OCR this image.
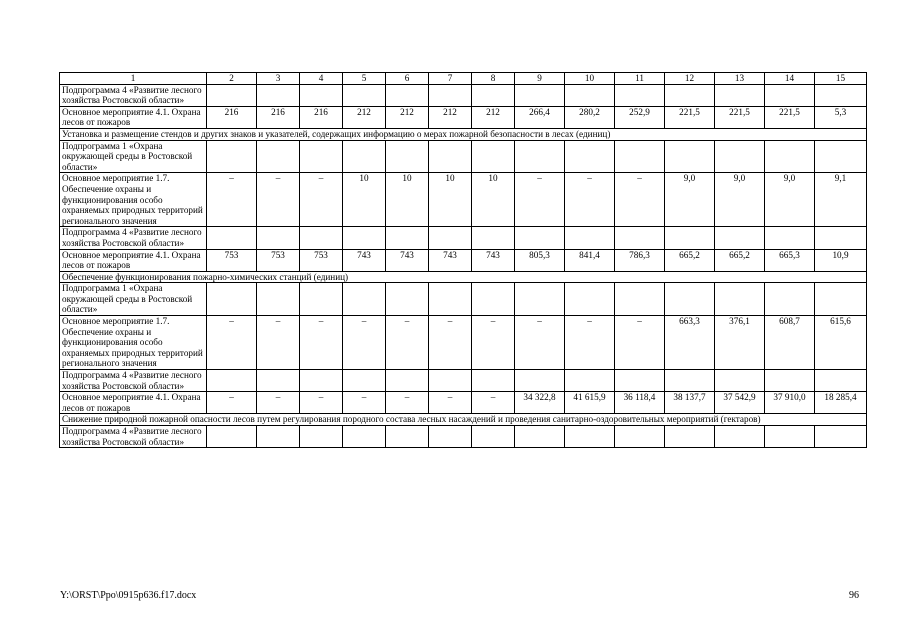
1	2	3	4	5	6	7	8	9	10	11	12	13	14	15
Подпрограмма 4 «Развитие лесного хозяйства Ростовской области»														
Основное мероприятие 4.1. Охрана лесов от пожаров	216	216	216	212	212	212	212	266,4	280,2	252,9	221,5	221,5	221,5	5,3
Установка и размещение стендов и других знаков и указателей, содержащих информацию о мерах пожарной безопасности в лесах (единиц)														
Подпрограмма 1 «Охрана окружающей среды в Ростовской области»														
Основное мероприятие 1.7. Обеспечение охраны и функционирования особо охраняемых природных территорий регионального значения	–	–	–	10	10	10	10	–	–	–	9,0	9,0	9,0	9,1
Подпрограмма 4 «Развитие лесного хозяйства Ростовской области»														
Основное мероприятие 4.1. Охрана лесов от пожаров	753	753	753	743	743	743	743	805,3	841,4	786,3	665,2	665,2	665,3	10,9
Обеспечение функционирования пожарно-химических станций (единиц)														
Подпрограмма 1 «Охрана окружающей среды в Ростовской области»														
Основное мероприятие 1.7. Обеспечение охраны и функционирования особо охраняемых природных территорий регионального значения	–	–	–	–	–	–	–	–	–	–	663,3	376,1	608,7	615,6
Подпрограмма 4 «Развитие лесного хозяйства Ростовской области»														
Основное мероприятие 4.1. Охрана лесов от пожаров	–	–	–	–	–	–	–	34 322,8	41 615,9	36 118,4	38 137,7	37 542,9	37 910,0	18 285,4
Снижение природной пожарной опасности лесов путем регулирования породного состава лесных насаждений и проведения санитарно-оздоровительных мероприятий (гектаров)														
Подпрограмма 4 «Развитие лесного хозяйства Ростовской области»														
Y:\ORST\Ppo\0915p636.f17.docx	96
